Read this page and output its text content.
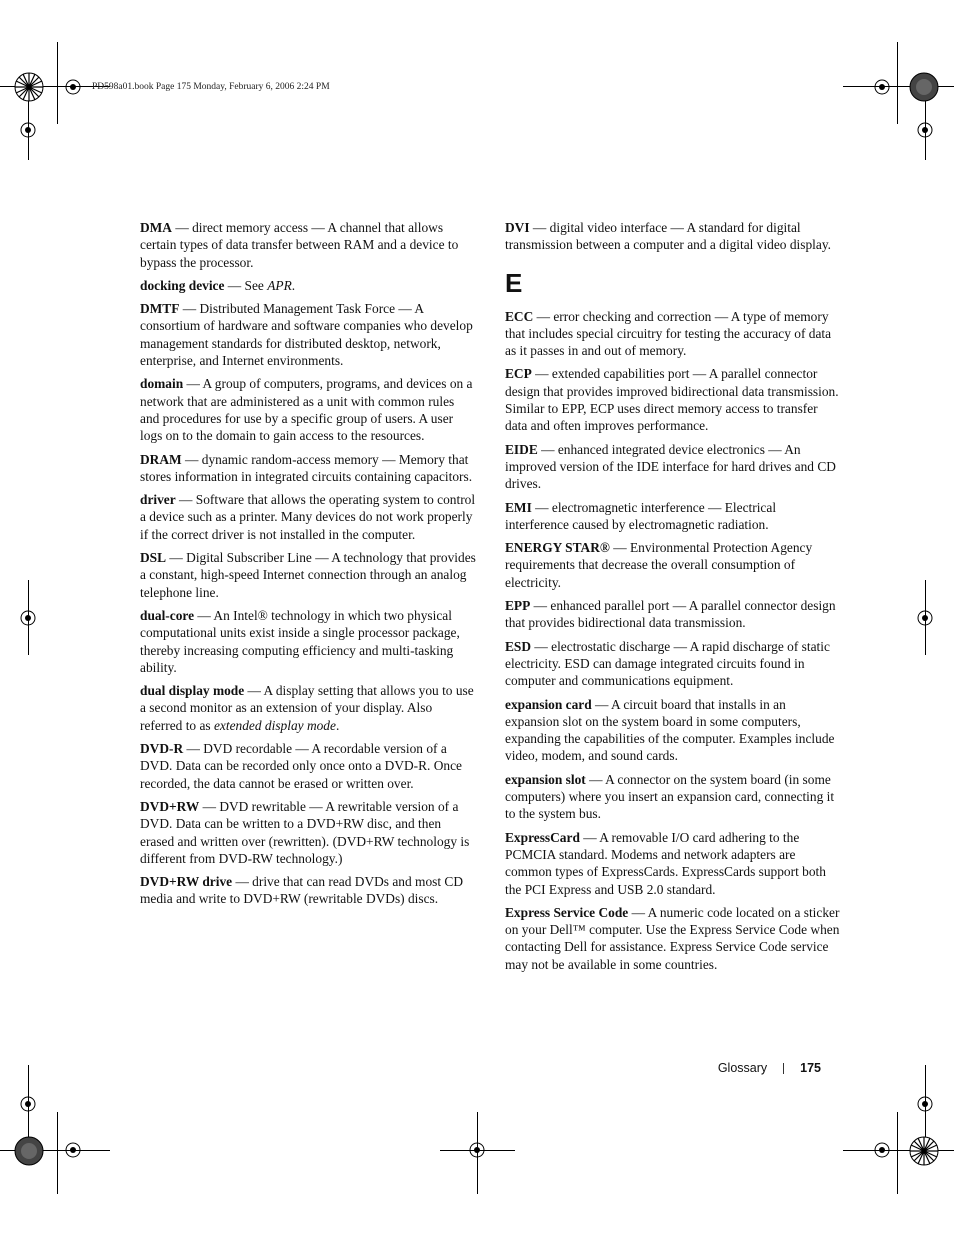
PD598a01.book Page 175 Monday, February 6, 2006 2:24 PM

DMA — direct memory access — A channel that allows certain types of data transfer between RAM and a device to bypass the processor.

docking device — See APR.

DMTF — Distributed Management Task Force — A consortium of hardware and software companies who develop management standards for distributed desktop, network, enterprise, and Internet environments.

domain — A group of computers, programs, and devices on a network that are administered as a unit with common rules and procedures for use by a specific group of users. A user logs on to the domain to gain access to the resources.

DRAM — dynamic random-access memory — Memory that stores information in integrated circuits containing capacitors.

driver — Software that allows the operating system to control a device such as a printer. Many devices do not work properly if the correct driver is not installed in the computer.

DSL — Digital Subscriber Line — A technology that provides a constant, high-speed Internet connection through an analog telephone line.

dual-core — An Intel® technology in which two physical computational units exist inside a single processor package, thereby increasing computing efficiency and multi-tasking ability.

dual display mode — A display setting that allows you to use a second monitor as an extension of your display. Also referred to as extended display mode.

DVD-R — DVD recordable — A recordable version of a DVD. Data can be recorded only once onto a DVD-R. Once recorded, the data cannot be erased or written over.

DVD+RW — DVD rewritable — A rewritable version of a DVD. Data can be written to a DVD+RW disc, and then erased and written over (rewritten). (DVD+RW technology is different from DVD-RW technology.)

DVD+RW drive — drive that can read DVDs and most CD media and write to DVD+RW (rewritable DVDs) discs.

DVI — digital video interface — A standard for digital transmission between a computer and a digital video display.

E

ECC — error checking and correction — A type of memory that includes special circuitry for testing the accuracy of data as it passes in and out of memory.

ECP — extended capabilities port — A parallel connector design that provides improved bidirectional data transmission. Similar to EPP, ECP uses direct memory access to transfer data and often improves performance.

EIDE — enhanced integrated device electronics — An improved version of the IDE interface for hard drives and CD drives.

EMI — electromagnetic interference — Electrical interference caused by electromagnetic radiation.

ENERGY STAR® — Environmental Protection Agency requirements that decrease the overall consumption of electricity.

EPP — enhanced parallel port — A parallel connector design that provides bidirectional data transmission.

ESD — electrostatic discharge — A rapid discharge of static electricity. ESD can damage integrated circuits found in computer and communications equipment.

expansion card — A circuit board that installs in an expansion slot on the system board in some computers, expanding the capabilities of the computer. Examples include video, modem, and sound cards.

expansion slot — A connector on the system board (in some computers) where you insert an expansion card, connecting it to the system bus.

ExpressCard — A removable I/O card adhering to the PCMCIA standard. Modems and network adapters are common types of ExpressCards. ExpressCards support both the PCI Express and USB 2.0 standard.

Express Service Code — A numeric code located on a sticker on your Dell™ computer. Use the Express Service Code when contacting Dell for assistance. Express Service Code service may not be available in some countries.

Glossary	175
